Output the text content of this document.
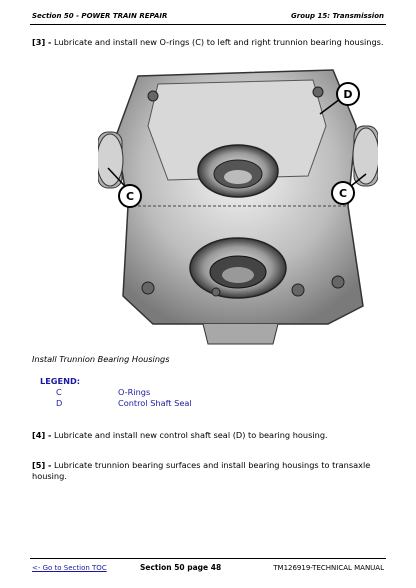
Section 50 - POWER TRAIN REPAIR	Group 15: Transmission
[3] - Lubricate and install new O-rings (C) to left and right trunnion bearing housings.
D
C	C
Install Trunnion Bearing Housings
LEGEND:
C	O-Rings
D	Control Shaft Seal
[4] - Lubricate and install new control shaft seal (D) to bearing housing.
[5] - Lubricate trunnion bearing surfaces and install bearing housings to transaxle housing.
<- Go to Section TOC	Section 50 page 48	TM126919-TECHNICAL MANUAL
